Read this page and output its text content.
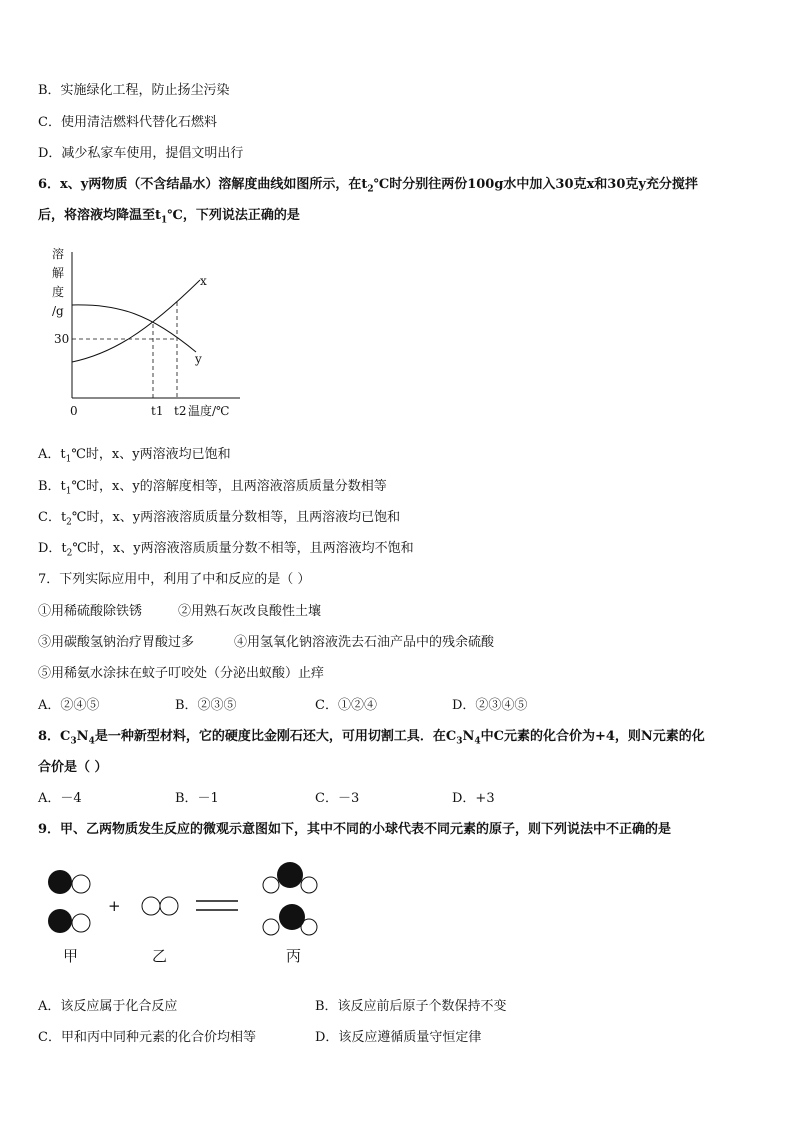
B．实施绿化工程，防止扬尘污染
C．使用清洁燃料代替化石燃料
D．减少私家车使用，提倡文明出行
6．x、y两物质（不含结晶水）溶解度曲线如图所示，在$t_2℃$时分别往两份100g水中加入30克x和30克y充分搅拌
后，将溶液均降温至$t_1℃$，下列说法正确的是
溶
解
度
/g
30
0
x
y
t1 t2 温度/℃
A．$t_1℃$时，x、y两溶液均已饱和
B．$t_1℃$时，x、y的溶解度相等，且两溶液溶质质量分数相等
C．$t_2℃$时，x、y两溶液溶质质量分数相等，且两溶液均已饱和
D．$t_2℃$时，x、y两溶液溶质质量分数不相等，且两溶液均不饱和
7．下列实际应用中，利用了中和反应的是（ ）
①用稀硫酸除铁锈	②用熟石灰改良酸性土壤
③用碳酸氢钠治疗胃酸过多	④用氢氧化钠溶液洗去石油产品中的残余硫酸
⑤用稀氨水涂抹在蚊子叮咬处（分泌出蚁酸）止痒
A．②④⑤	B．②③⑤	C．①②④	D．②③④⑤
8．$C_3N_4$是一种新型材料，它的硬度比金刚石还大，可用切割工具．在$C_3N_4$中C元素的化合价为+4，则N元素的化
合价是（ ）
A．－4	B．－1	C．－3	D．+3
9．甲、乙两物质发生反应的微观示意图如下，其中不同的小球代表不同元素的原子，则下列说法中不正确的是
+
甲	乙	丙
A．该反应属于化合反应	B．该反应前后原子个数保持不变
C．甲和丙中同种元素的化合价均相等	D．该反应遵循质量守恒定律
